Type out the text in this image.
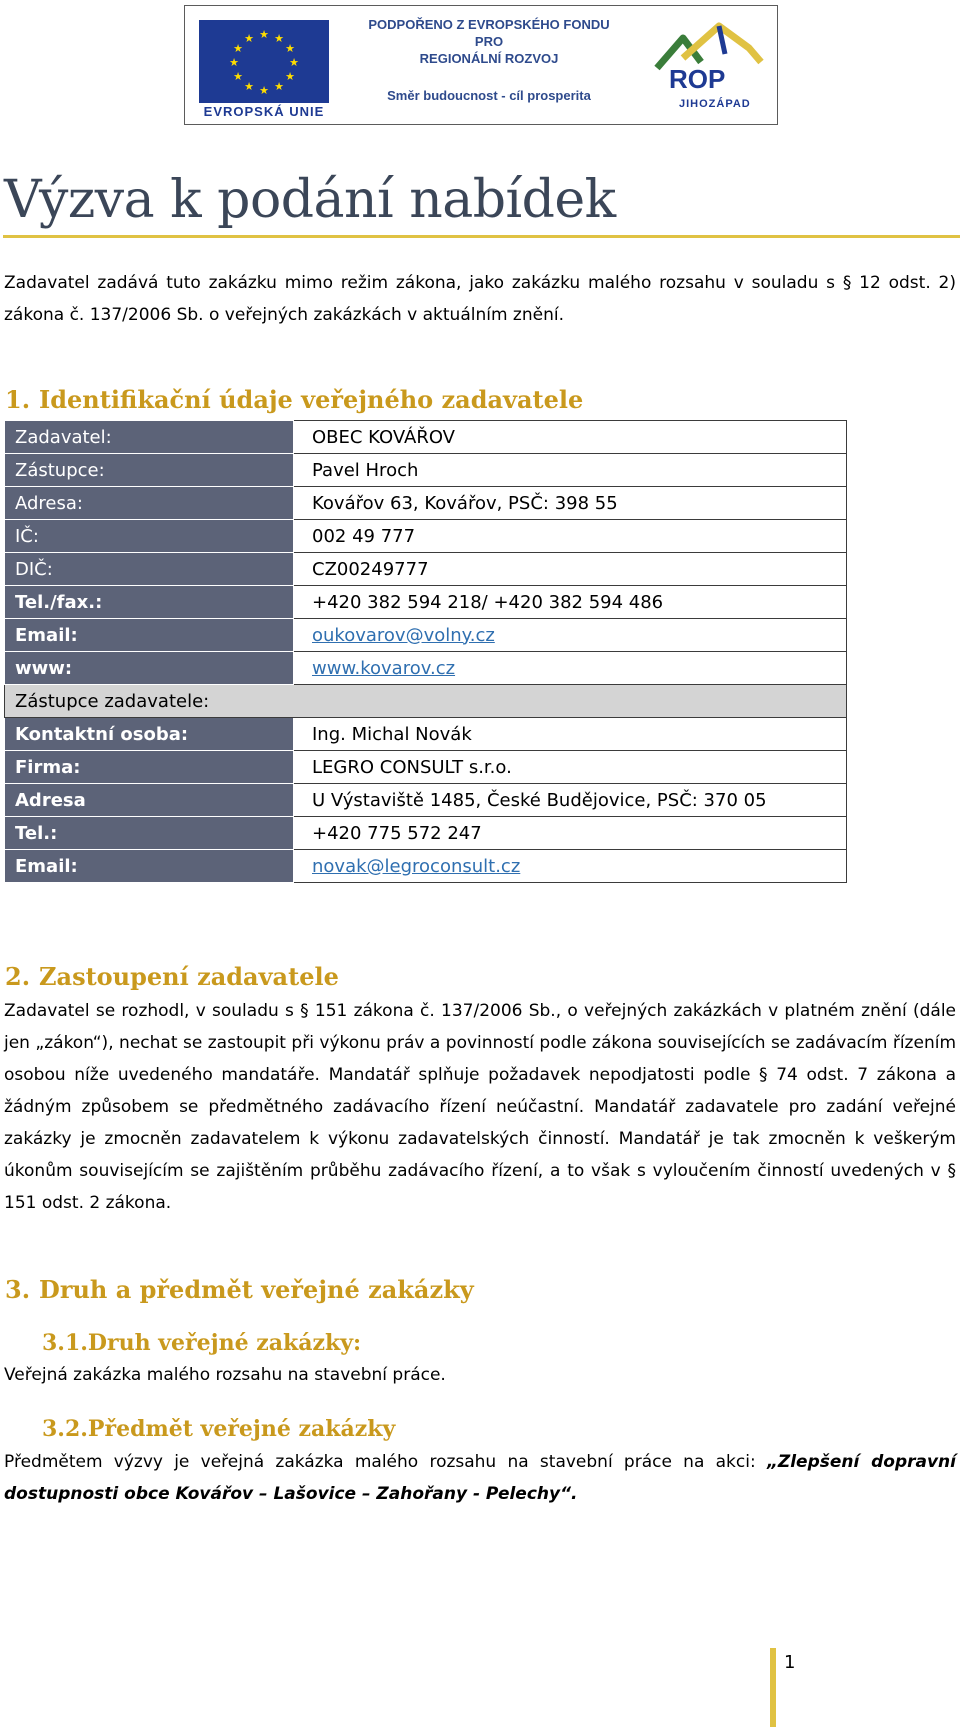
★ ★
★
★
★
★
★
★
★
★
★
★
EVROPSKÁ UNIE
PODPOŘENO Z EVROPSKÉHO FONDU
PRO
REGIONÁLNÍ ROZVOJ
Směr budoucnost - cíl prosperita
ROP
JIHOZÁPAD
Výzva k podání nabídek
Zadavatel zadává tuto zakázku mimo režim zákona, jako zakázku malého rozsahu v souladu s § 12 odst. 2) zákona č. 137/2006 Sb. o veřejných zakázkách v aktuálním znění.
1. Identifikační údaje veřejného zadavatele
Zadavatel:	OBEC KOVÁŘOV
Zástupce:	Pavel Hroch
Adresa:	Kovářov 63, Kovářov, PSČ: 398 55
IČ:	002 49 777
DIČ:	CZ00249777
Tel./fax.:	+420 382 594 218/ +420 382 594 486
Email:	oukovarov@volny.cz
www:	www.kovarov.cz
Zástupce zadavatele:	
Kontaktní osoba:	Ing. Michal Novák
Firma:	LEGRO CONSULT s.r.o.
Adresa	U Výstaviště 1485, České Budějovice, PSČ: 370 05
Tel.:	+420 775 572 247
Email:	novak@legroconsult.cz
2. Zastoupení zadavatele
Zadavatel se rozhodl, v souladu s § 151 zákona č. 137/2006 Sb., o veřejných zakázkách v platném znění (dále jen „zákon“), nechat se zastoupit při výkonu práv a povinností podle zákona souvisejících se zadávacím řízením osobou níže uvedeného mandatáře. Mandatář splňuje požadavek nepodjatosti podle § 74 odst. 7 zákona a žádným způsobem se předmětného zadávacího řízení neúčastní. Mandatář zadavatele pro zadání veřejné zakázky je zmocněn zadavatelem k výkonu zadavatelských činností. Mandatář je tak zmocněn k veškerým úkonům souvisejícím se zajištěním průběhu zadávacího řízení, a to však s vyloučením činností uvedených v § 151 odst. 2 zákona.
3. Druh a předmět veřejné zakázky
3.1.Druh veřejné zakázky:
Veřejná zakázka malého rozsahu na stavební práce.
3.2.Předmět veřejné zakázky
Předmětem výzvy je veřejná zakázka malého rozsahu na stavební práce na akci: „Zlepšení dopravní dostupnosti obce Kovářov – Lašovice – Zahořany - Pelechy“.
1
